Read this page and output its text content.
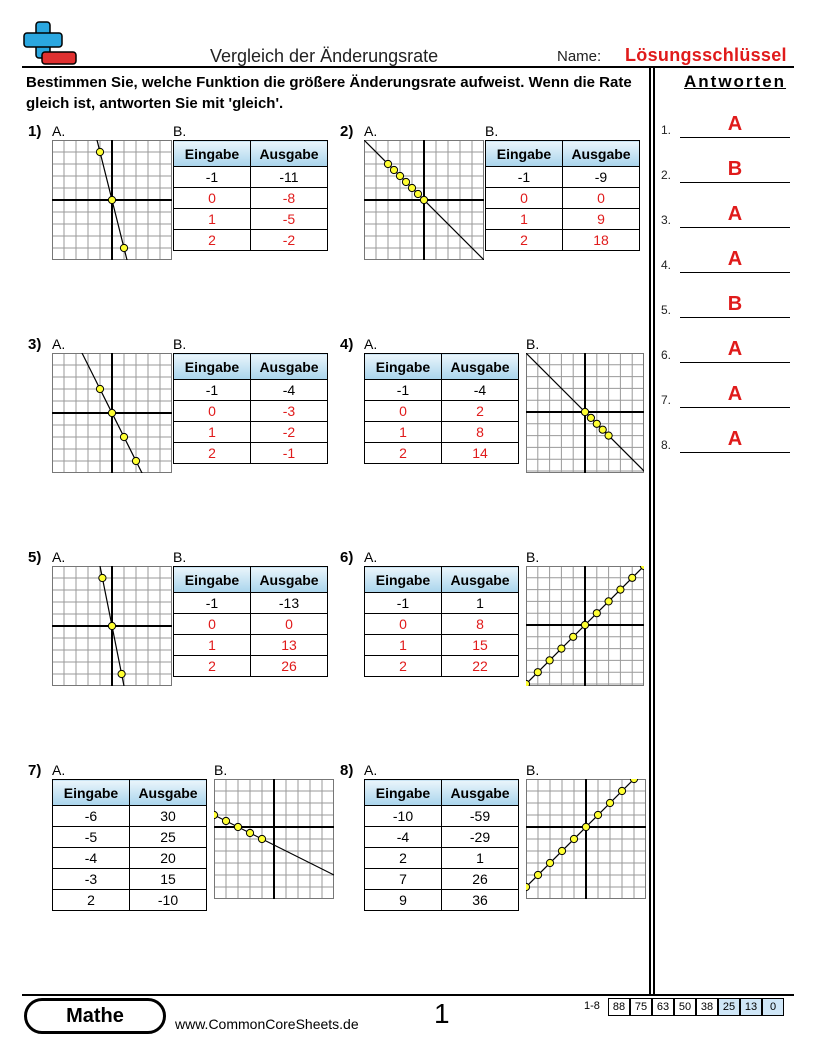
Vergleich der Änderungsrate	Name: Lösungsschlüssel
Bestimmen Sie, welche Funktion die größere Änderungsrate aufweist. Wenn die Rate gleich ist, antworten Sie mit 'gleich'.
Antworten
1.	A
2.	B
3.	A
4.	A
5.	B
6.	A
7.	A
8.	A
1) A.	B.
Eingabe	Ausgabe
-1	-11
0	-8
1	-5
2	-2
2) A.	B.
Eingabe	Ausgabe
-1	-9
0	0
1	9
2	18
3) A.	B.
Eingabe	Ausgabe
-1	-4
0	-3
1	-2
2	-1
4) A.	B.
Eingabe	Ausgabe
-1	-4
0	2
1	8
2	14
5) A.	B.
Eingabe	Ausgabe
-1	-13
0	0
1	13
2	26
6) A.	B.
Eingabe	Ausgabe
-1	1
0	8
1	15
2	22
7) A.	B.
Eingabe	Ausgabe
-6	30
-5	25
-4	20
-3	15
2	-10
8) A.	B.
Eingabe	Ausgabe
-10	-59
-4	-29
2	1
7	26
9	36
Mathe	www.CommonCoreSheets.de	1	1-8	88 75 63 50 38 25 13	0
